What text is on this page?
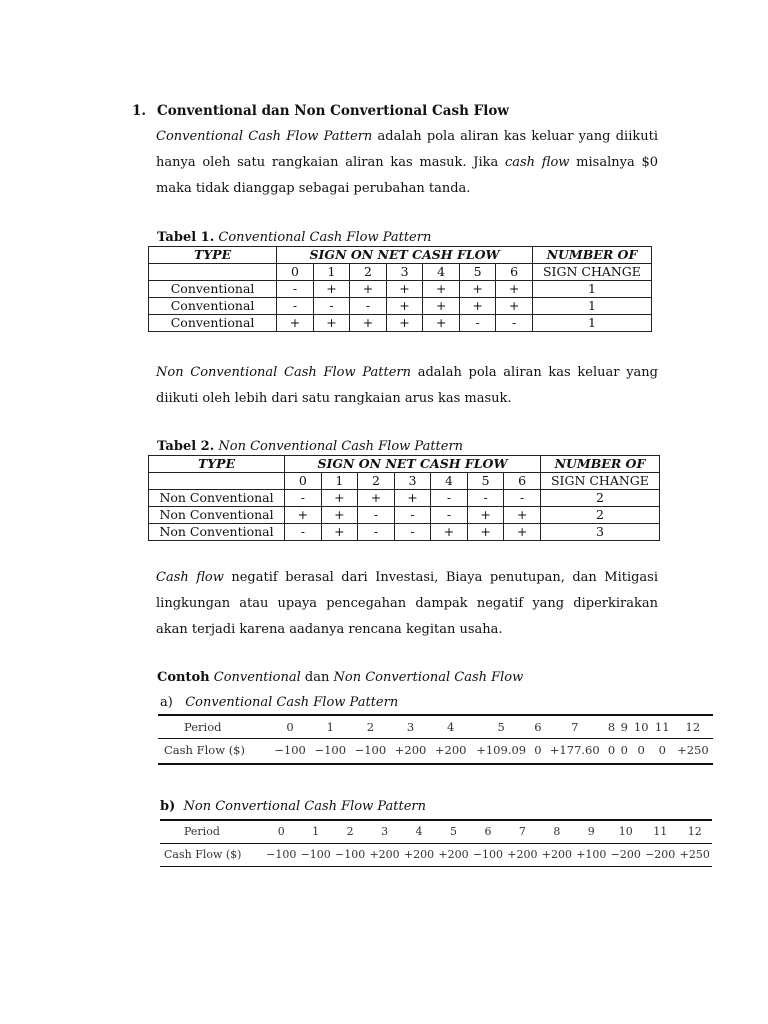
1. Conventional dan Non Convertional Cash Flow
Conventional Cash Flow Pattern adalah pola aliran kas keluar yang diikuti hanya oleh satu rangkaian aliran kas masuk. Jika cash flow misalnya $0 maka tidak dianggap sebagai perubahan tanda.
Tabel 1. Conventional Cash Flow Pattern
TYPE	SIGN ON NET CASH FLOW							NUMBER OF
	0	1	2	3	4	5	6	SIGN CHANGE
Conventional	-	+	+	+	+	+	+	1
Conventional	-	-	-	+	+	+	+	1
Conventional	+	+	+	+	+	-	-	1
Non Conventional Cash Flow Pattern adalah pola aliran kas keluar yang diikuti oleh lebih dari satu rangkaian arus kas masuk.
Tabel 2. Non Conventional Cash Flow Pattern
TYPE	SIGN ON NET CASH FLOW							NUMBER OF
	0	1	2	3	4	5	6	SIGN CHANGE
Non Conventional	-	+	+	+	-	-	-	2
Non Conventional	+	+	-	-	-	+	+	2
Non Conventional	-	+	-	-	+	+	+	3
Cash flow negatif berasal dari Investasi, Biaya penutupan, dan Mitigasi lingkungan atau upaya pencegahan dampak negatif yang diperkirakan akan terjadi karena aadanya rencana kegitan usaha.
Contoh Conventional dan Non Convertional Cash Flow
a) Conventional Cash Flow Pattern
Period	0	1	2	3	4	5	6	7	8	9	10	11	12
Cash Flow ($)	−100	−100	−100	+200	+200	+109.09	0	+177.60	0	0	0	0	+250
b) Non Convertional Cash Flow Pattern
Period	0	1	2	3	4	5	6	7	8	9	10	11	12
Cash Flow ($)	−100	−100	−100	+200	+200	+200	−100	+200	+200	+100	−200	−200	+250
